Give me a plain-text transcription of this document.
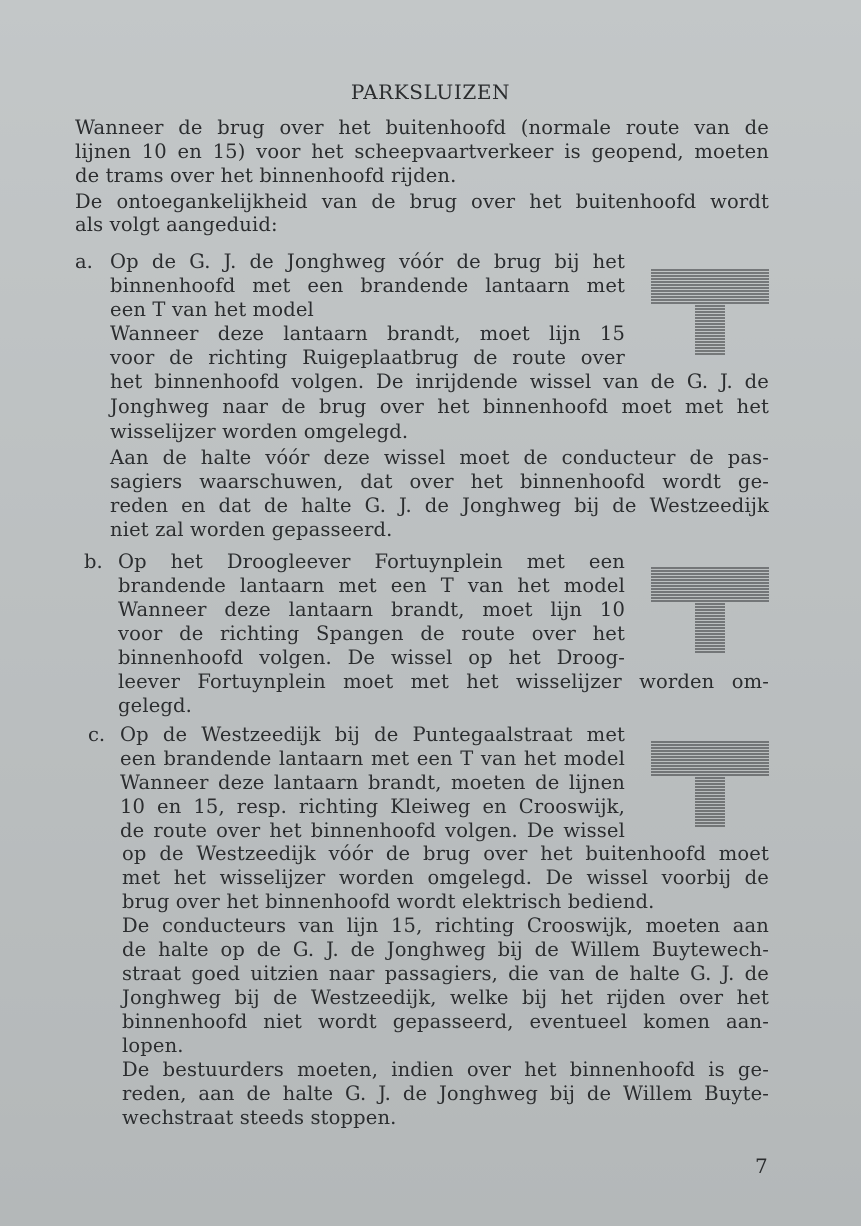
PARKSLUIZEN

Wanneer de brug over het buitenhoofd (normale route van de

lijnen 10 en 15) voor het scheepvaartverkeer is geopend, moeten

de trams over het binnenhoofd rijden.

De ontoegankelijkheid van de brug over het buitenhoofd wordt

als volgt aangeduid:

a. Op de G. J. de Jonghweg vóór de brug bij het

binnenhoofd met een brandende lantaarn met

een T van het model

Wanneer deze lantaarn brandt, moet lijn 15

voor de richting Ruigeplaatbrug de route over

het binnenhoofd volgen. De inrijdende wissel van de G. J. de

Jonghweg naar de brug over het binnenhoofd moet met het

wisselijzer worden omgelegd.

Aan de halte vóór deze wissel moet de conducteur de pas-

sagiers waarschuwen, dat over het binnenhoofd wordt ge-

reden en dat de halte G. J. de Jonghweg bij de Westzeedijk

niet zal worden gepasseerd.

b. Op het Droogleever Fortuynplein met een

brandende lantaarn met een T van het model

Wanneer deze lantaarn brandt, moet lijn 10

voor de richting Spangen de route over het

binnenhoofd volgen. De wissel op het Droog-

leever Fortuynplein moet met het wisselijzer worden om-

gelegd.

c. Op de Westzeedijk bij de Puntegaalstraat met

een brandende lantaarn met een T van het model

Wanneer deze lantaarn brandt, moeten de lijnen

10 en 15, resp. richting Kleiweg en Crooswijk,

de route over het binnenhoofd volgen. De wissel

op de Westzeedijk vóór de brug over het buitenhoofd moet

met het wisselijzer worden omgelegd. De wissel voorbij de

brug over het binnenhoofd wordt elektrisch bediend.

De conducteurs van lijn 15, richting Crooswijk, moeten aan

de halte op de G. J. de Jonghweg bij de Willem Buytewech-

straat goed uitzien naar passagiers, die van de halte G. J. de

Jonghweg bij de Westzeedijk, welke bij het rijden over het

binnenhoofd niet wordt gepasseerd, eventueel komen aan-

lopen.

De bestuurders moeten, indien over het binnenhoofd is ge-

reden, aan de halte G. J. de Jonghweg bij de Willem Buyte-

wechstraat steeds stoppen.

7
